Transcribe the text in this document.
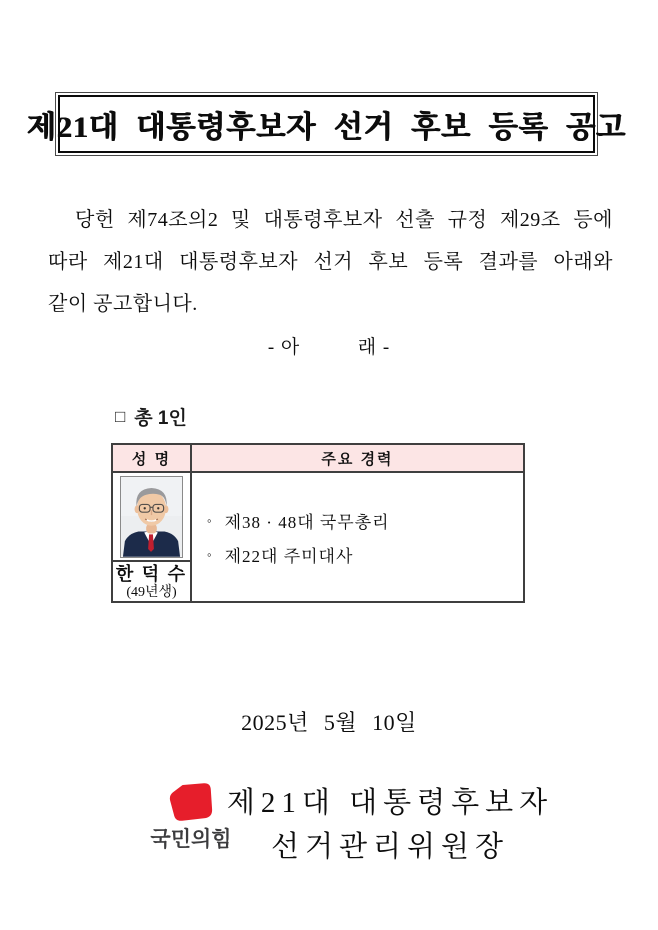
제21대 대통령후보자 선거 후보 등록 공고
당헌 제74조의2 및 대통령후보자 선출 규정 제29조 등에
따라 제21대 대통령후보자 선거 후보 등록 결과를 아래와
같이 공고합니다.
- 아          래 -
□ 총 1인
성 명	주요 경력
한 덕 수
(49년생)
◦ 제38 · 48대 국무총리
◦ 제22대 주미대사
2025년 5월 10일
국민의힘
제21대 대통령후보자
선거관리위원장
